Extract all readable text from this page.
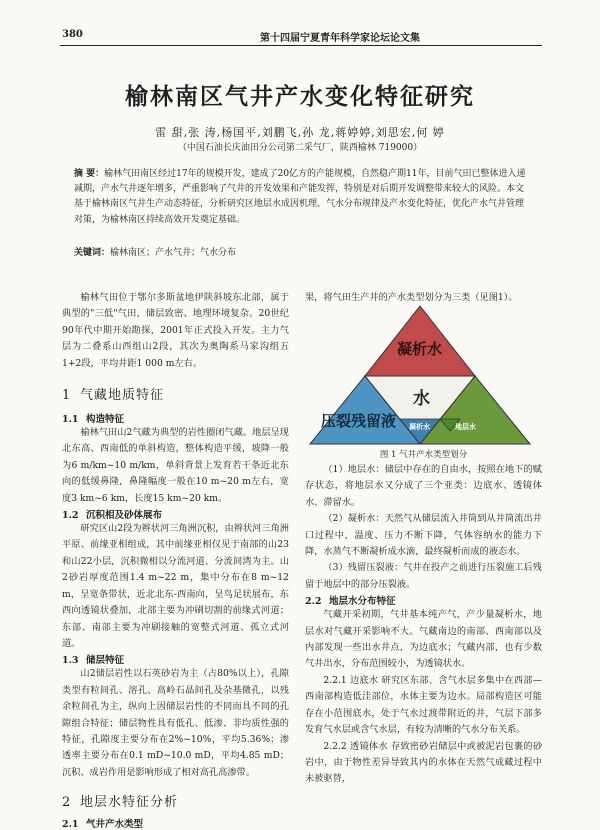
380	第十四届宁夏青年科学家论坛论文集
榆林南区气井产水变化特征研究
雷 甜,张 涛,杨国平,刘鹏飞,孙 龙,蒋婷婷,刘思宏,何 婷
（中国石油长庆油田分公司第二采气厂，陕西榆林 719000）
摘 要：榆林气田南区经过17年的规模开发，建成了20亿方的产能规模，自然稳产期11年，目前气田已整体进入递减期，产水气井逐年增多，严重影响了气井的开发效果和产能发挥，特别是对后期开发调整带来较大的风险。本文基于榆林南区气井生产动态特征，分析研究区地层水成因机理、气水分布规律及产水变化特征，优化产水气井管理对策，为榆林南区持续高效开发奠定基础。
关键词：榆林南区；产水气井；气水分布

榆林气田位于鄂尔多斯盆地伊陕斜坡东北部，属于典型的"三低"气田，储层致密、地理环境复杂。20世纪90年代中期开始勘探，2001年正式投入开发。主力气层为二叠系山西组山2段，其次为奥陶系马家沟组五1+2段，平均井距1 000 m左右。

1 气藏地质特征

1.1 构造特征

榆林气田山2气藏为典型的岩性圈闭气藏。地层呈现北东高、西南低的单斜构造，整体构造平缓，坡降一般为6 m/km~10 m/km，单斜背景上发育若干条近北东向的低缓鼻隆，鼻隆幅度一般在10 m~20 m左右，宽度3 km~6 km，长度15 km~20 km。

1.2 沉积相及砂体展布

研究区山2段为辫状河三角洲沉积，由辫状河三角洲平原、前缘亚相组成，其中前缘亚相仅见于南部的山23和山22小层，沉积微相以分流河道、分流间湾为主。山2砂岩厚度范围1.4 m~22 m，集中分布在8 m~12 m，呈宽条带状，近北北东-西南向，呈鸟足状展布，东西向透镜状叠加，北部主要为冲刷切割的前缘式河道；东部、南部主要为冲刷接触的宽整式河道、孤立式河道。

1.3 储层特征

山2储层岩性以石英砂岩为主（占80%以上），孔隙类型有粒间孔、溶孔、高岭石晶间孔及杂基微孔，以残余粒间孔为主，纵向上因储层岩性的不同而具不同的孔隙组合特征；储层物性具有低孔、低渗、非均质性强的特征，孔隙度主要分布在2%~10%，平均5.36%；渗透率主要分布在0.1 mD~10.0 mD，平均4.85 mD；沉积、成岩作用是影响形成了相对高孔高渗带。

2 地层水特征分析

2.1 气井产水类型

果，将气田生产井的产水类型划分为三类（见图1）。

凝析水
水
压裂残留液 凝析水	地层水
图 1 气井产水类型划分

（1）地层水：储层中存在的自由水，按照在地下的赋存状态，将地层水又分成了三个亚类：边底水、透镜体水、滞留水。

（2）凝析水：天然气从储层流入井筒到从井筒流出井口过程中，温度、压力不断下降，气体容纳水的能力下降，水蒸气不断凝析成水滴，最终凝析而成的液态水。

（3）残留压裂液：气井在投产之前进行压裂施工后残留于地层中的部分压裂液。

2.2 地层水分布特征

气藏开采初期，气井基本纯产气，产少量凝析水，地层水对气藏开采影响不大。气藏南边的南部、西南部以及内部发现一些出水井点，为边底水；气藏内部，也有少数气井出水，分布范围较小，为透镜状水。

2.2.1 边底水 研究区东部、含气水层多集中在西部—西南部构造低洼部位，水体主要为边水。局部构造区可能存在小范围底水，处于气水过渡带附近的井，气层下部多发育气水层或含气水层，有较为清晰的气水分布关系。

2.2.2 透镜体水 存致密砂岩储层中或被泥岩包裹的砂岩中，由于物性差异导致其内的水体在天然气成藏过程中未被驱替，
